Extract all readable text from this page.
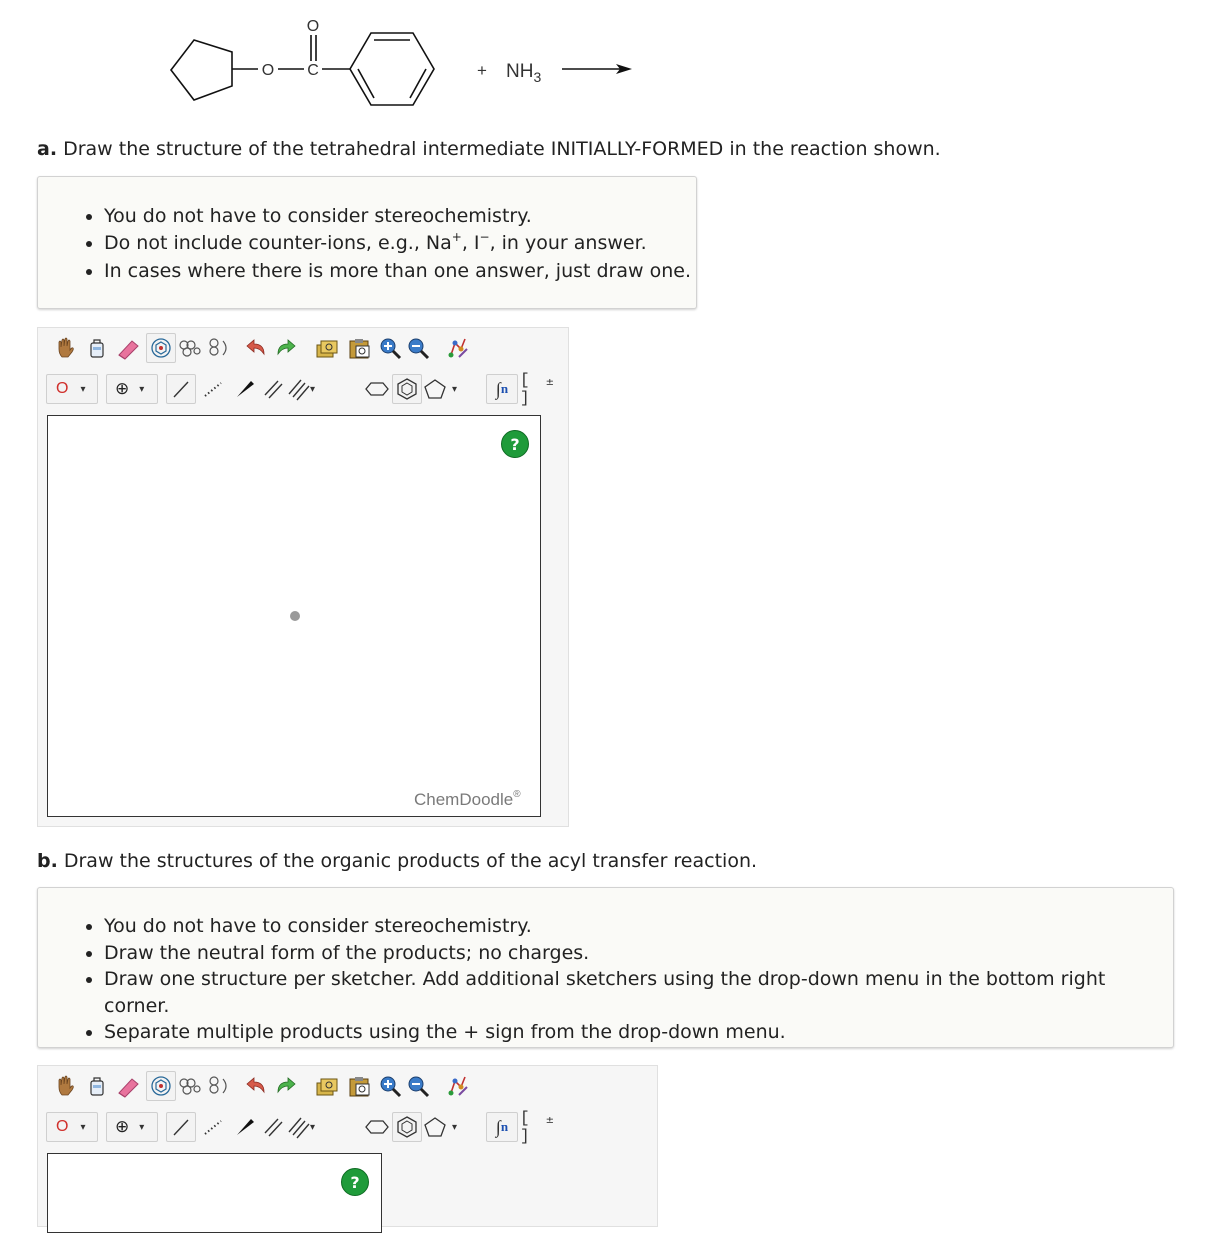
O C
O
+ $NH_3$
a. Draw the structure of the tetrahedral intermediate INITIALLY-FORMED in the reaction shown.
• You do not have to consider stereochemistry.
• Do not include counter-ions, e.g., Na+, I−, in your answer.
• In cases where there is more than one answer, just draw one.
O ▾ ⊕ ▾	▾	▾ ∫ n [ ]
±
?
ChemDoodle®
b. Draw the structures of the organic products of the acyl transfer reaction.
• You do not have to consider stereochemistry.
• Draw the neutral form of the products; no charges.
• Draw one structure per sketcher. Add additional sketchers using the drop-down menu in the bottom right corner.
• Separate multiple products using the + sign from the drop-down menu.
O ▾ ⊕ ▾	▾	▾ ∫ n [ ]
±
?
